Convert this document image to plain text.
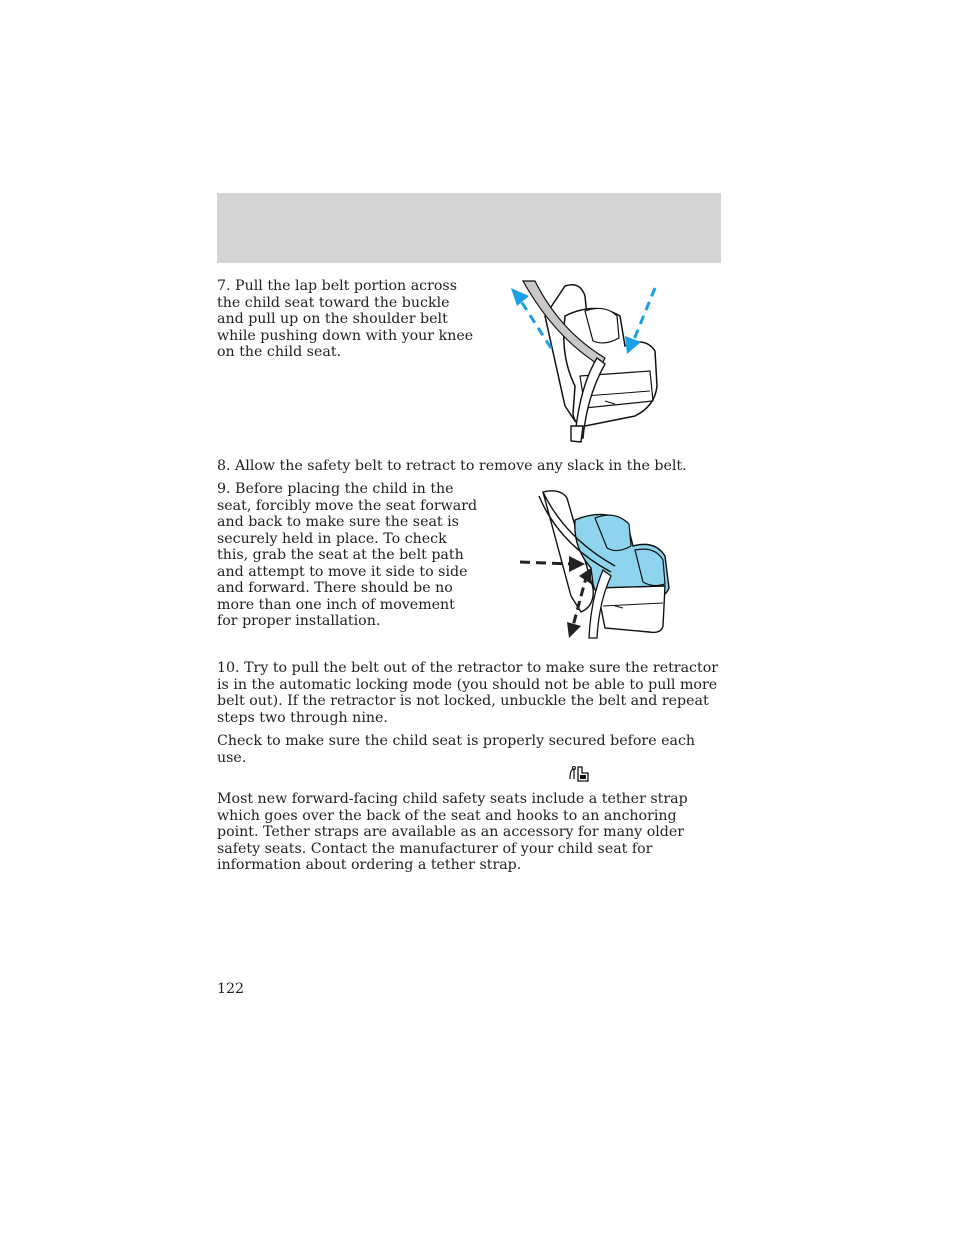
7. Pull the lap belt portion across the child seat toward the buckle and pull up on the shoulder belt while pushing down with your knee on the child seat.

8. Allow the safety belt to retract to remove any slack in the belt.

9. Before placing the child in the seat, forcibly move the seat forward and back to make sure the seat is securely held in place. To check this, grab the seat at the belt path and attempt to move it side to side and forward. There should be no more than one inch of movement for proper installation.

10. Try to pull the belt out of the retractor to make sure the retractor is in the automatic locking mode (you should not be able to pull more belt out). If the retractor is not locked, unbuckle the belt and repeat steps two through nine.

Check to make sure the child seat is properly secured before each use.

Most new forward-facing child safety seats include a tether strap which goes over the back of the seat and hooks to an anchoring point. Tether straps are available as an accessory for many older safety seats. Contact the manufacturer of your child seat for information about ordering a tether strap.

122
